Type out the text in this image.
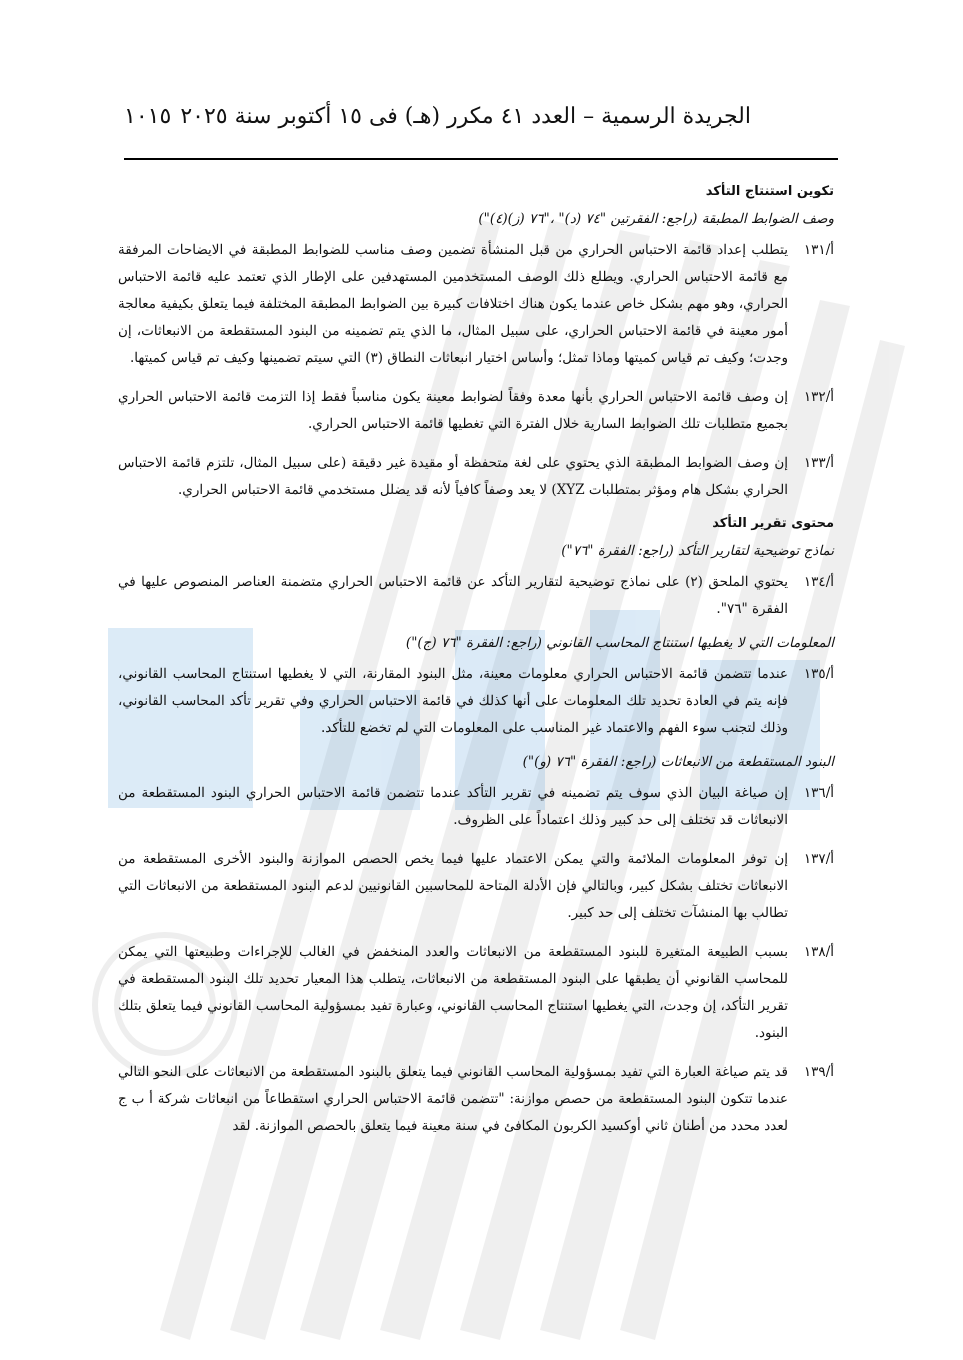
الجريدة الرسمية – العدد ٤١ مكرر (هـ) فى ١٥ أكتوبر سنة ٢٠٢٥
١٠١٥
تكوين استنتاج التأكد
وصف الضوابط المطبقة (راجع: الفقرتين "٧٤ (د)" ،"٧٦ (ز)(٤)")
أ/١٣١
يتطلب إعداد قائمة الاحتباس الحراري من قبل المنشأة تضمين وصف مناسب للضوابط المطبقة في الايضاحات المرفقة مع قائمة الاحتباس الحراري. ويطلع ذلك الوصف المستخدمين المستهدفين على الإطار الذي تعتمد عليه قائمة الاحتباس الحراري، وهو مهم بشكل خاص عندما يكون هناك اختلافات كبيرة بين الضوابط المطبقة المختلفة فيما يتعلق بكيفية معالجة أمور معينة في قائمة الاحتباس الحراري، على سبيل المثال، ما الذي يتم تضمينه من البنود المستقطعة من الانبعاثات، إن وجدت؛ وكيف تم قياس كميتها وماذا تمثل؛ وأساس اختيار انبعاثات النطاق (٣) التي سيتم تضمينها وكيف تم قياس كميتها.
أ/١٣٢
إن وصف قائمة الاحتباس الحراري بأنها معدة وفقاً لضوابط معينة يكون مناسباً فقط إذا التزمت قائمة الاحتباس الحراري بجميع متطلبات تلك الضوابط السارية خلال الفترة التي تغطيها قائمة الاحتباس الحراري.
أ/١٣٣
إن وصف الضوابط المطبقة الذي يحتوي على لغة متحفظة أو مقيدة غير دقيقة (على سبيل المثال، تلتزم قائمة الاحتباس الحراري بشكل هام ومؤثر بمتطلبات XYZ) لا يعد وصفاً كافياً لأنه قد يضلل مستخدمي قائمة الاحتباس الحراري.
محتوى تقرير التأكد
نماذج توضيحية لتقارير التأكد (راجع: الفقرة "٧٦")
أ/١٣٤
يحتوي الملحق (٢) على نماذج توضيحية لتقارير التأكد عن قائمة الاحتباس الحراري متضمنة العناصر المنصوص عليها في الفقرة "٧٦".
المعلومات التي لا يغطيها استنتاج المحاسب القانوني (راجع: الفقرة "٧٦ (ج)")
أ/١٣٥
عندما تتضمن قائمة الاحتباس الحراري معلومات معينة، مثل البنود المقارنة، التي لا يغطيها استنتاج المحاسب القانوني، فإنه يتم في العادة تحديد تلك المعلومات على أنها كذلك في قائمة الاحتباس الحراري وفي تقرير تأكد المحاسب القانوني، وذلك لتجنب سوء الفهم والاعتماد غير المناسب على المعلومات التي لم تخضع للتأكد.
البنود المستقطعة من الانبعاثات (راجع: الفقرة "٧٦ (و)")
أ/١٣٦
إن صياغة البيان الذي سوف يتم تضمينه في تقرير التأكد عندما تتضمن قائمة الاحتباس الحراري البنود المستقطعة من الانبعاثات قد تختلف إلى حد كبير وذلك اعتماداً على الظروف.
أ/١٣٧
إن توفر المعلومات الملائمة والتي يمكن الاعتماد عليها فيما يخص الحصص الموازنة والبنود الأخرى المستقطعة من الانبعاثات تختلف بشكل كبير، وبالتالي فإن الأدلة المتاحة للمحاسبين القانونيين لدعم البنود المستقطعة من الانبعاثات التي تطالب بها المنشآت تختلف إلى حد كبير.
أ/١٣٨
بسبب الطبيعة المتغيرة للبنود المستقطعة من الانبعاثات والعدد المنخفض في الغالب للإجراءات وطبيعتها التي يمكن للمحاسب القانوني أن يطبقها على البنود المستقطعة من الانبعاثات، يتطلب هذا المعيار تحديد تلك البنود المستقطعة في تقرير التأكد، إن وجدت، التي يغطيها استنتاج المحاسب القانوني، وعبارة تفيد بمسؤولية المحاسب القانوني فيما يتعلق بتلك البنود.
أ/١٣٩
قد يتم صياغة العبارة التي تفيد بمسؤولية المحاسب القانوني فيما يتعلق بالبنود المستقطعة من الانبعاثات على النحو التالي عندما تتكون البنود المستقطعة من حصص موازنة: "تتضمن قائمة الاحتباس الحراري استقطاعاً من انبعاثات شركة أ ب ج لعدد محدد من أطنان ثاني أوكسيد الكربون المكافئ في سنة معينة فيما يتعلق بالحصص الموازنة. لقد
